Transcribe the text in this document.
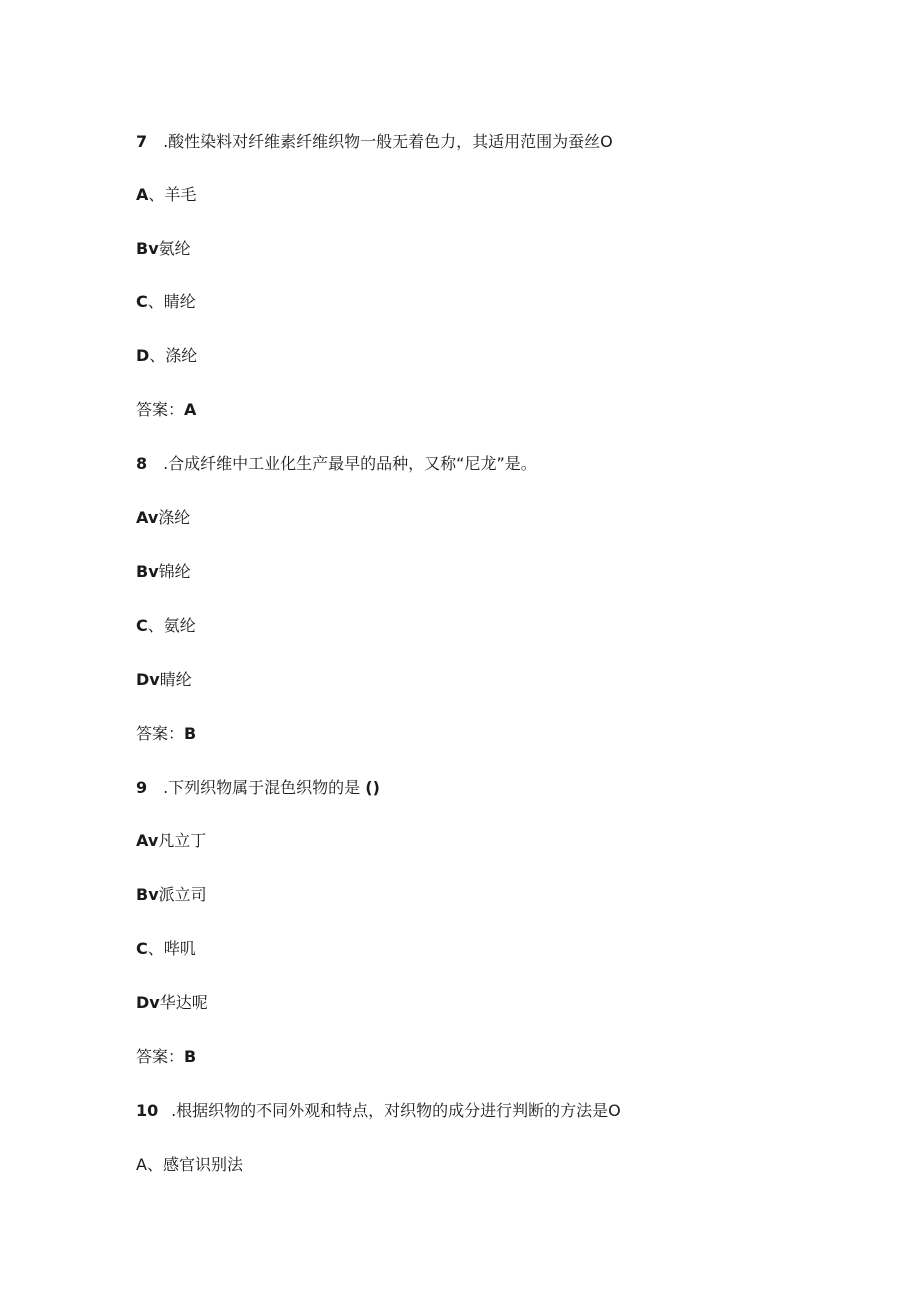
7 .酸性染料对纤维素纤维织物一般无着色力，其适用范围为蚕丝O
A、羊毛
Bv氨纶
C、睛纶
D、涤纶
答案：A
8 .合成纤维中工业化生产最早的品种，又称“尼龙”是。
Av涤纶
Bv锦纶
C、氨纶
Dv睛纶
答案：B
9 .下列织物属于混色织物的是 ()
Av凡立丁
Bv派立司
C、哔叽
Dv华达呢
答案：B
10 .根据织物的不同外观和特点，对织物的成分进行判断的方法是O
A、感官识别法
